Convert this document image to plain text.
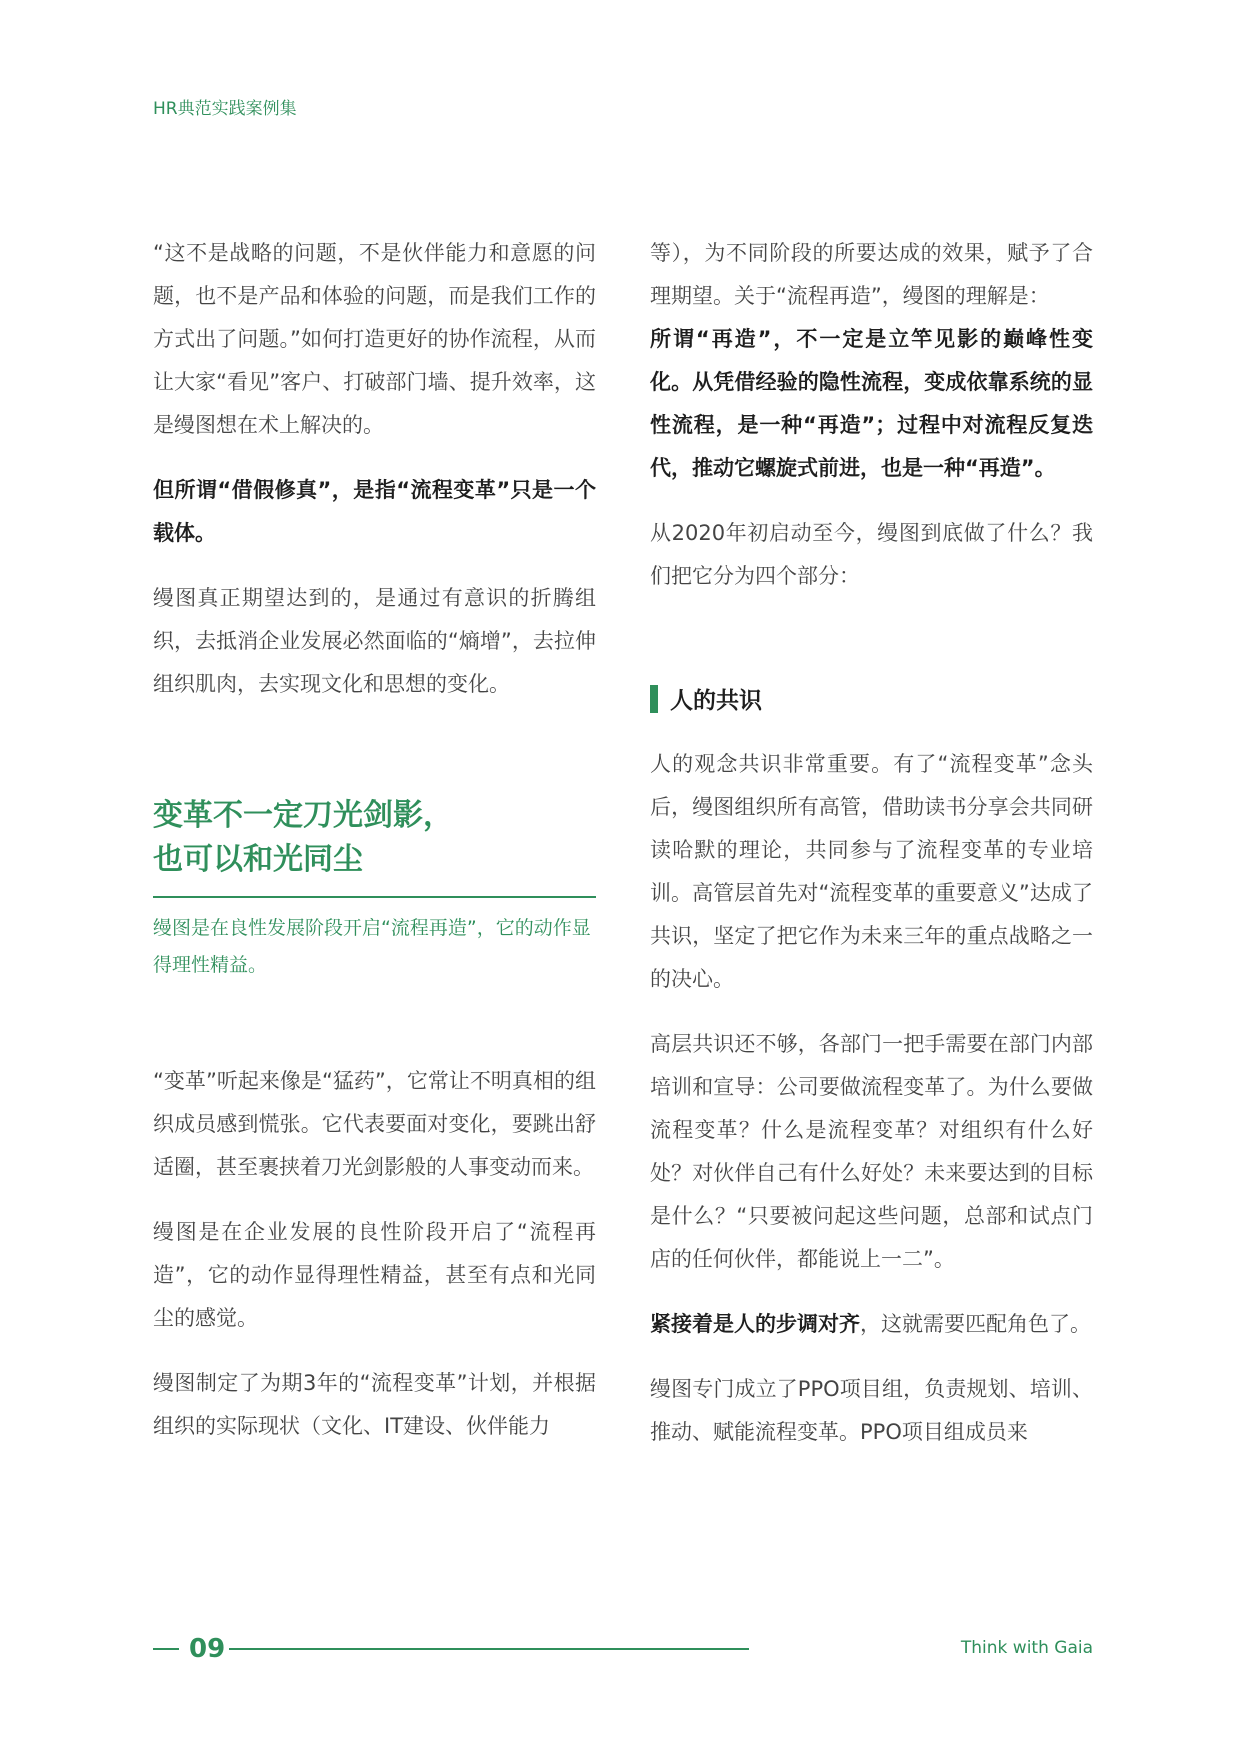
HR典范实践案例集

“这不是战略的问题，不是伙伴能力和意愿的问题，也不是产品和体验的问题，而是我们工作的方式出了问题。”如何打造更好的协作流程，从而让大家“看见”客户、打破部门墙、提升效率，这是缦图想在术上解决的。

但所谓“借假修真”，是指“流程变革”只是一个载体。

缦图真正期望达到的，是通过有意识的折腾组织，去抵消企业发展必然面临的“熵增”，去拉伸组织肌肉，去实现文化和思想的变化。

变革不一定刀光剑影，

也可以和光同尘

缦图是在良性发展阶段开启“流程再造”，它的动作显得理性精益。

“变革”听起来像是“猛药”，它常让不明真相的组织成员感到慌张。它代表要面对变化，要跳出舒适圈，甚至裹挟着刀光剑影般的人事变动而来。

缦图是在企业发展的良性阶段开启了“流程再造”，它的动作显得理性精益，甚至有点和光同尘的感觉。

缦图制定了为期3年的“流程变革”计划，并根据组织的实际现状（文化、IT建设、伙伴能力

等），为不同阶段的所要达成的效果，赋予了合理期望。关于“流程再造”，缦图的理解是：

所谓“再造”，不一定是立竿见影的巅峰性变化。从凭借经验的隐性流程，变成依靠系统的显性流程，是一种“再造”；过程中对流程反复迭代，推动它螺旋式前进，也是一种“再造”。

从2020年初启动至今，缦图到底做了什么？我们把它分为四个部分：

人的共识

人的观念共识非常重要。有了“流程变革”念头后，缦图组织所有高管，借助读书分享会共同研读哈默的理论，共同参与了流程变革的专业培训。高管层首先对“流程变革的重要意义”达成了共识，坚定了把它作为未来三年的重点战略之一的决心。

高层共识还不够，各部门一把手需要在部门内部培训和宣导：公司要做流程变革了。为什么要做流程变革？什么是流程变革？对组织有什么好处？对伙伴自己有什么好处？未来要达到的目标是什么？“只要被问起这些问题，总部和试点门店的任何伙伴，都能说上一二”。

紧接着是人的步调对齐，这就需要匹配角色了。

缦图专门成立了PPO项目组，负责规划、培训、推动、赋能流程变革。PPO项目组成员来

09	Think with Gaia
